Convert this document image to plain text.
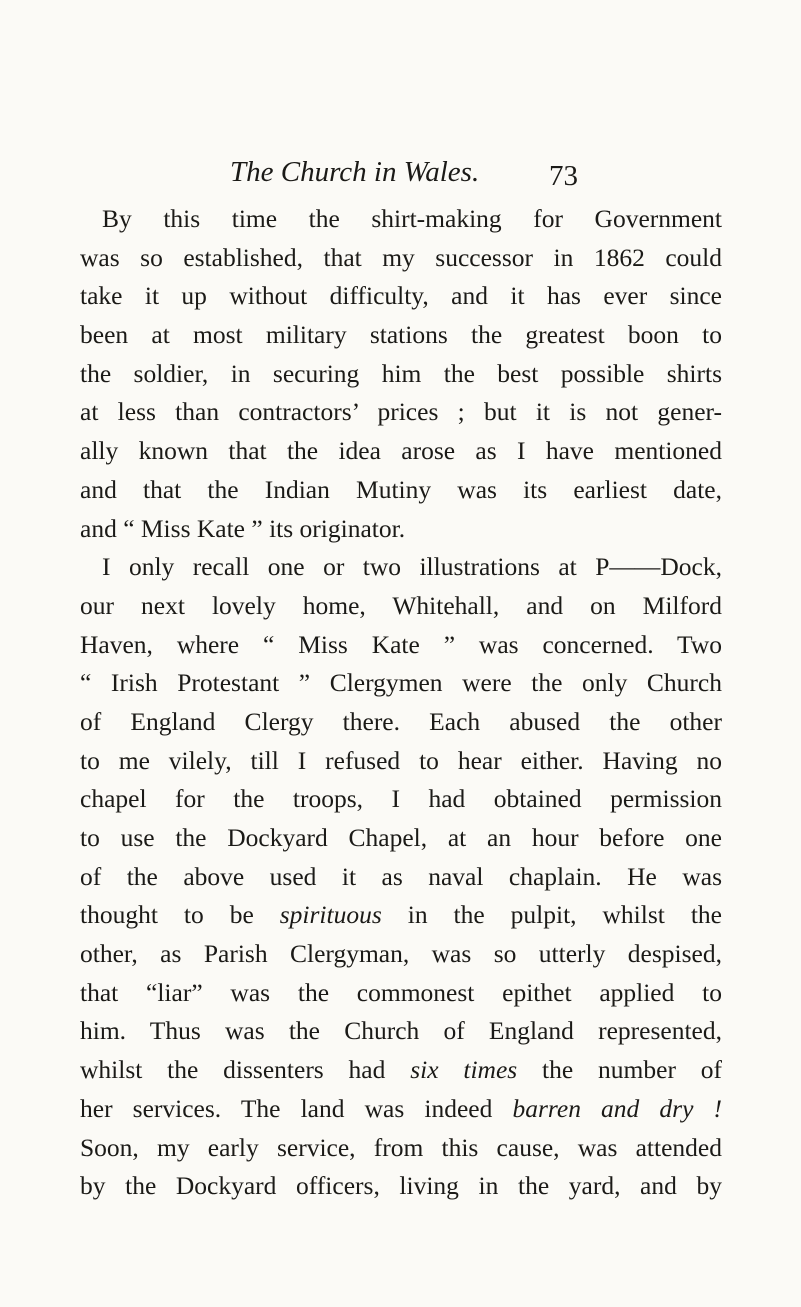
The Church in Wales. 73
By this time the shirt-making for Government
was so established, that my successor in 1862 could
take it up without difficulty, and it has ever since
been at most military stations the greatest boon to
the soldier, in securing him the best possible shirts
at less than contractors’ prices ; but it is not gener-
ally known that the idea arose as I have mentioned
and that the Indian Mutiny was its earliest date,
and “ Miss Kate ” its originator.
I only recall one or two illustrations at P——Dock,
our next lovely home, Whitehall, and on Milford
Haven, where “ Miss Kate ” was concerned. Two
“ Irish Protestant ” Clergymen were the only Church
of England Clergy there. Each abused the other
to me vilely, till I refused to hear either. Having no
chapel for the troops, I had obtained permission
to use the Dockyard Chapel, at an hour before one
of the above used it as naval chaplain. He was
thought to be spirituous in the pulpit, whilst the
other, as Parish Clergyman, was so utterly despised,
that “liar” was the commonest epithet applied to
him. Thus was the Church of England represented,
whilst the dissenters had six times the number of
her services. The land was indeed barren and dry !
Soon, my early service, from this cause, was attended
by the Dockyard officers, living in the yard, and by
